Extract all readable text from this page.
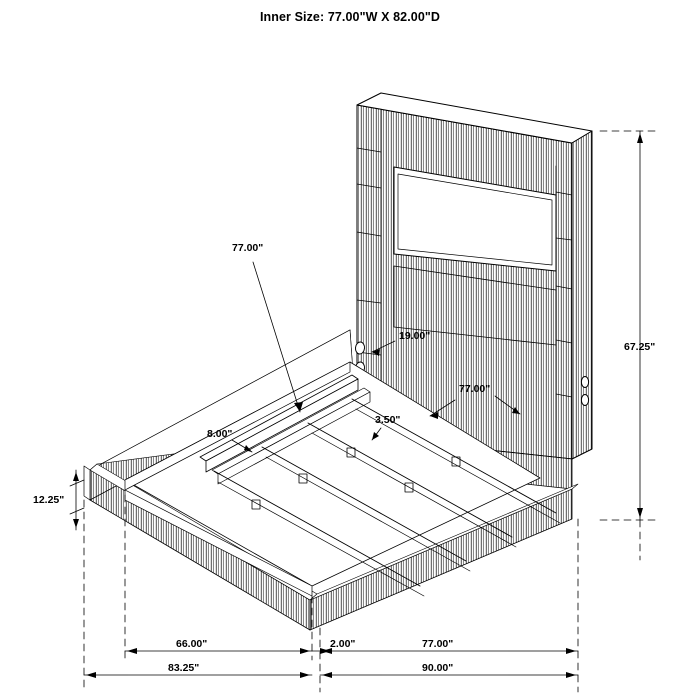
Inner Size: 77.00"W X 82.00"D
77.00"
19.00"
67.25"
77.00"
3.50"
8.00"
12.25"
66.00"	2.00"	77.00"
83.25"	90.00"
